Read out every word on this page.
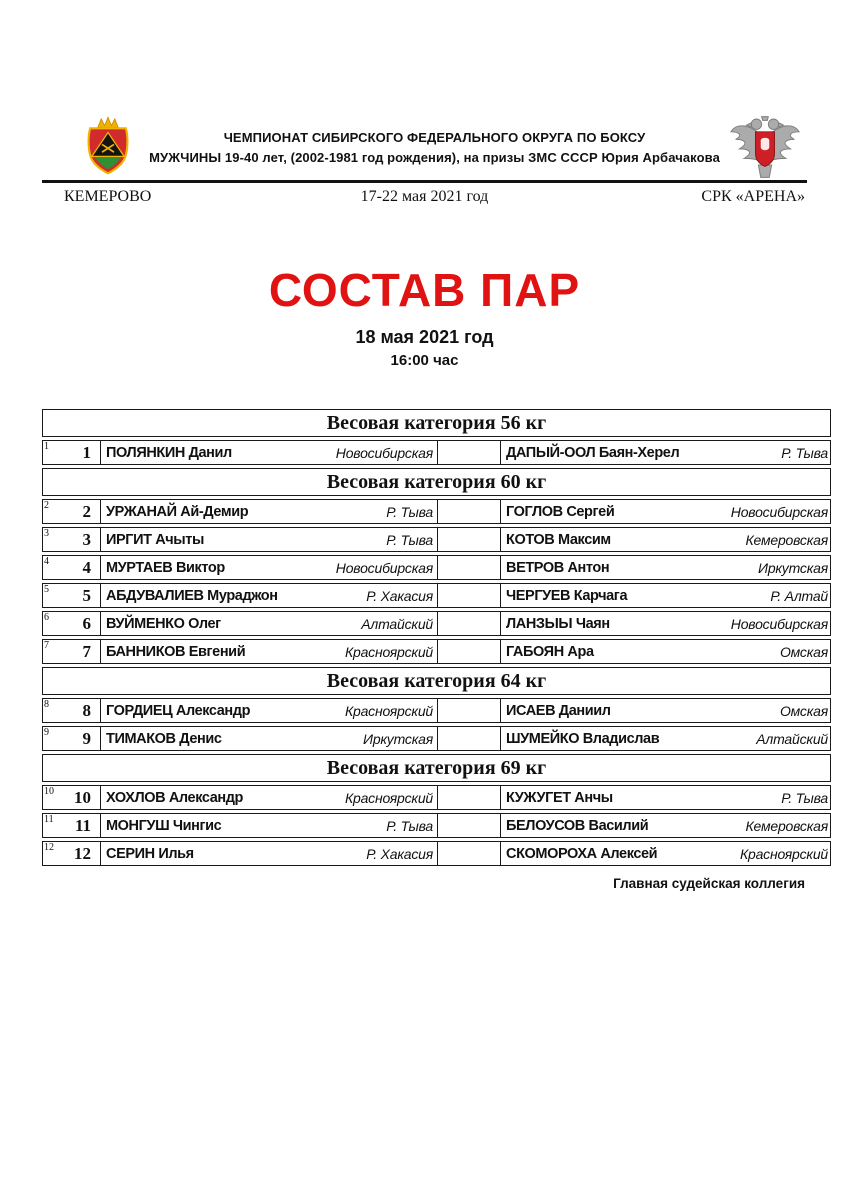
ЧЕМПИОНАТ СИБИРСКОГО ФЕДЕРАЛЬНОГО ОКРУГА ПО БОКСУ
МУЖЧИНЫ 19-40 лет, (2002-1981 год рождения), на призы ЗМС СССР Юрия Арбачакова
КЕМЕРОВО	17-22 мая 2021 год	СРК «АРЕНА»
СОСТАВ ПАР
18 мая 2021 год
16:00 час
Весовая категория 56 кг
1	1	ПОЛЯНКИН Данил	Новосибирская	ДАПЫЙ-ООЛ Баян-Херел	Р. Тыва
Весовая категория 60 кг
2	2	УРЖАНАЙ Ай-Демир	Р. Тыва	ГОГЛОВ Сергей	Новосибирская
3	3	ИРГИТ Ачыты	Р. Тыва	КОТОВ Максим	Кемеровская
4	4	МУРТАЕВ Виктор	Новосибирская	ВЕТРОВ Антон	Иркутская
5	5	АБДУВАЛИЕВ Мураджон	Р. Хакасия	ЧЕРГУЕВ Карчага	Р. Алтай
6	6	ВУЙМЕНКО Олег	Алтайский	ЛАНЗЫЫ Чаян	Новосибирская
7	7	БАННИКОВ Евгений	Красноярский	ГАБОЯН Ара	Омская
Весовая категория 64 кг
8	8	ГОРДИЕЦ Александр	Красноярский	ИСАЕВ Даниил	Омская
9	9	ТИМАКОВ Денис	Иркутская	ШУМЕЙКО Владислав	Алтайский
Весовая категория 69 кг
10	10	ХОХЛОВ Александр	Красноярский	КУЖУГЕТ Анчы	Р. Тыва
11	11	МОНГУШ Чингис	Р. Тыва	БЕЛОУСОВ Василий	Кемеровская
12	12	СЕРИН Илья	Р. Хакасия	СКОМОРОХА Алексей	Красноярский
Главная судейская коллегия
